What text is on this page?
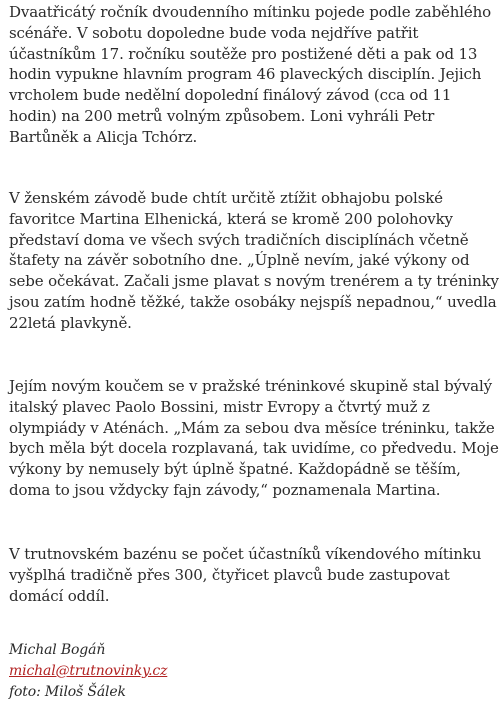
Dvaatřicátý ročník dvoudenního mítinku pojede podle zaběhlého scénáře. V sobotu dopoledne bude voda nejdříve patřit účastníkům 17. ročníku soutěže pro postižené děti a pak od 13 hodin vypukne hlavním program 46 plaveckých disciplín. Jejich vrcholem bude nedělní dopolední finálový závod (cca od 11 hodin) na 200 metrů volným způsobem. Loni vyhráli Petr Bartůněk a Alicja Tchórz.

V ženském závodě bude chtít určitě ztížit obhajobu polské favoritce Martina Elhenická, která se kromě 200 polohovky představí doma ve všech svých tradičních disciplínách včetně štafety na závěr sobotního dne. „Úplně nevím, jaké výkony od sebe očekávat. Začali jsme plavat s novým trenérem a ty tréninky jsou zatím hodně těžké, takže osobáky nejspíš nepadnou,“ uvedla 22letá plavkyně.

Jejím novým koučem se v pražské tréninkové skupině stal bývalý italský plavec Paolo Bossini, mistr Evropy a čtvrtý muž z olympiády v Aténách. „Mám za sebou dva měsíce tréninku, takže bych měla být docela rozplavaná, tak uvidíme, co předvedu. Moje výkony by nemusely být úplně špatné. Každopádně se těším, doma to jsou vždycky fajn závody,“ poznamenala Martina.

V trutnovském bazénu se počet účastníků víkendového mítinku vyšplhá tradičně přes 300, čtyřicet plavců bude zastupovat domácí oddíl.

Michal Bogáň
michal@trutnovinky.cz
foto: Miloš Šálek
